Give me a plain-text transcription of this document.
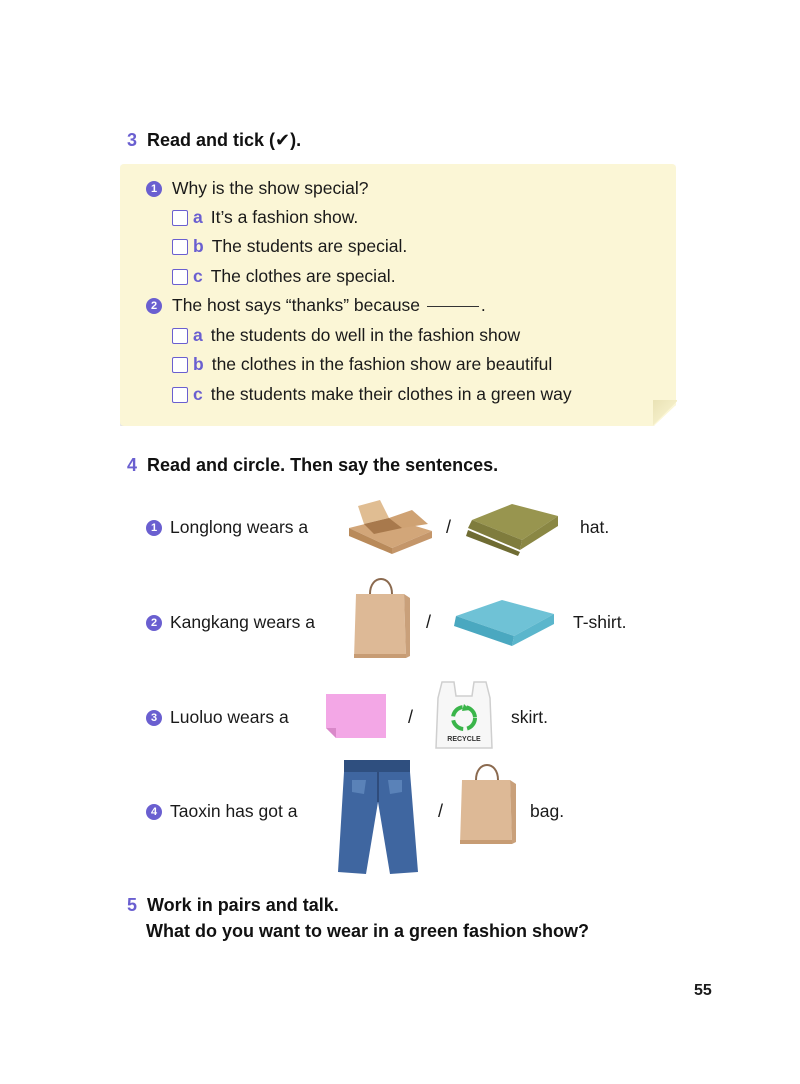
3 Read and tick (✔).
1 Why is the show special?
a It’s a fashion show.
b The students are special.
c The clothes are special.
2 The host says “thanks” because	.
a the students do well in the fashion show
b the clothes in the fashion show are beautiful
c the students make their clothes in a green way
4 Read and circle. Then say the sentences.
1 Longlong wears a	/	hat.
2 Kangkang wears a	/	T-shirt.
3 Luoluo wears a	/
RECYCLE
skirt.
4 Taoxin has got a	/	bag.
5 Work in pairs and talk.
What do you want to wear in a green fashion show?
55
